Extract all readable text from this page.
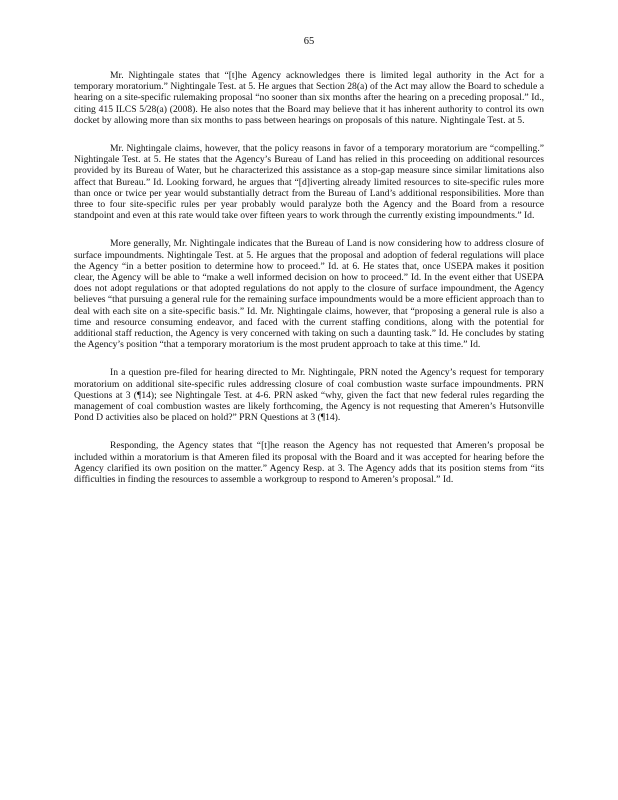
65

Mr. Nightingale states that “[t]he Agency acknowledges there is limited legal authority in the Act for a temporary moratorium.” Nightingale Test. at 5. He argues that Section 28(a) of the Act may allow the Board to schedule a hearing on a site-specific rulemaking proposal “no sooner than six months after the hearing on a preceding proposal.” Id., citing 415 ILCS 5/28(a) (2008). He also notes that the Board may believe that it has inherent authority to control its own docket by allowing more than six months to pass between hearings on proposals of this nature. Nightingale Test. at 5.

Mr. Nightingale claims, however, that the policy reasons in favor of a temporary moratorium are “compelling.” Nightingale Test. at 5. He states that the Agency’s Bureau of Land has relied in this proceeding on additional resources provided by its Bureau of Water, but he characterized this assistance as a stop-gap measure since similar limitations also affect that Bureau.” Id. Looking forward, he argues that “[d]iverting already limited resources to site-specific rules more than once or twice per year would substantially detract from the Bureau of Land’s additional responsibilities. More than three to four site-specific rules per year probably would paralyze both the Agency and the Board from a resource standpoint and even at this rate would take over fifteen years to work through the currently existing impoundments.” Id.

More generally, Mr. Nightingale indicates that the Bureau of Land is now considering how to address closure of surface impoundments. Nightingale Test. at 5. He argues that the proposal and adoption of federal regulations will place the Agency “in a better position to determine how to proceed.” Id. at 6. He states that, once USEPA makes it position clear, the Agency will be able to “make a well informed decision on how to proceed.” Id. In the event either that USEPA does not adopt regulations or that adopted regulations do not apply to the closure of surface impoundment, the Agency believes “that pursuing a general rule for the remaining surface impoundments would be a more efficient approach than to deal with each site on a site-specific basis.” Id. Mr. Nightingale claims, however, that “proposing a general rule is also a time and resource consuming endeavor, and faced with the current staffing conditions, along with the potential for additional staff reduction, the Agency is very concerned with taking on such a daunting task.” Id. He concludes by stating the Agency’s position “that a temporary moratorium is the most prudent approach to take at this time.” Id.

In a question pre-filed for hearing directed to Mr. Nightingale, PRN noted the Agency’s request for temporary moratorium on additional site-specific rules addressing closure of coal combustion waste surface impoundments. PRN Questions at 3 (¶14); see Nightingale Test. at 4-6. PRN asked “why, given the fact that new federal rules regarding the management of coal combustion wastes are likely forthcoming, the Agency is not requesting that Ameren’s Hutsonville Pond D activities also be placed on hold?” PRN Questions at 3 (¶14).

Responding, the Agency states that “[t]he reason the Agency has not requested that Ameren’s proposal be included within a moratorium is that Ameren filed its proposal with the Board and it was accepted for hearing before the Agency clarified its own position on the matter.” Agency Resp. at 3. The Agency adds that its position stems from “its difficulties in finding the resources to assemble a workgroup to respond to Ameren’s proposal.” Id.
